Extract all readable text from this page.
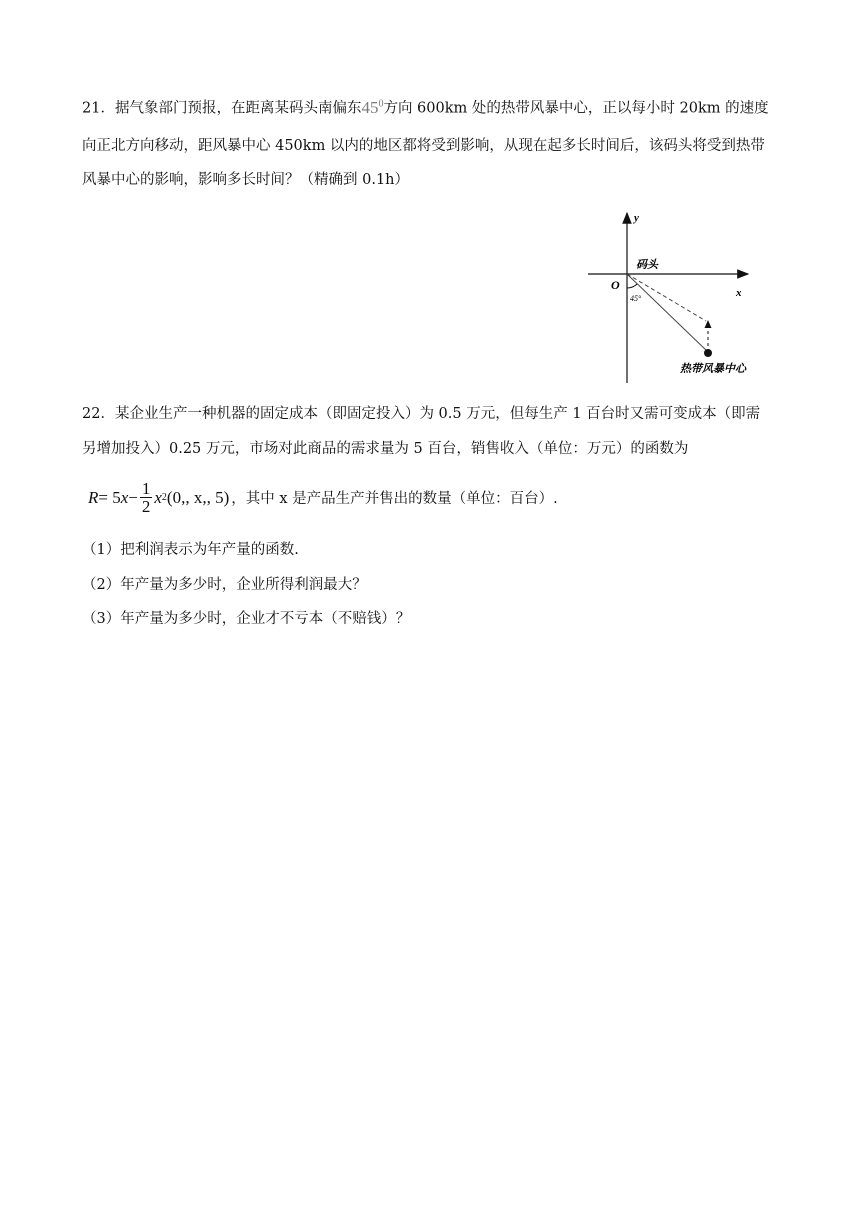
21．据气象部门预报，在距离某码头南偏东$45^0$方向 600km 处的热带风暴中心，正以每小时 20km 的速度
向正北方向移动，距风暴中心 450km 以内的地区都将受到影响，从现在起多长时间后，该码头将受到热带
风暴中心的影响，影响多长时间？（精确到 0.1h）
y
x
O
码头
45°
热带风暴中心
22．某企业生产一种机器的固定成本（即固定投入）为 0.5 万元，但每生产 1 百台时又需可变成本（即需
另增加投入）0.25 万元，市场对此商品的需求量为 5 百台，销售收入（单位：万元）的函数为
R = 5 $x - \frac{1}{2}$ x 2 (0,, x,, 5) ，其中 x 是产品生产并售出的数量（单位：百台）.
（1）把利润表示为年产量的函数.
（2）年产量为多少时，企业所得利润最大？
（3）年产量为多少时，企业才不亏本（不赔钱）？
